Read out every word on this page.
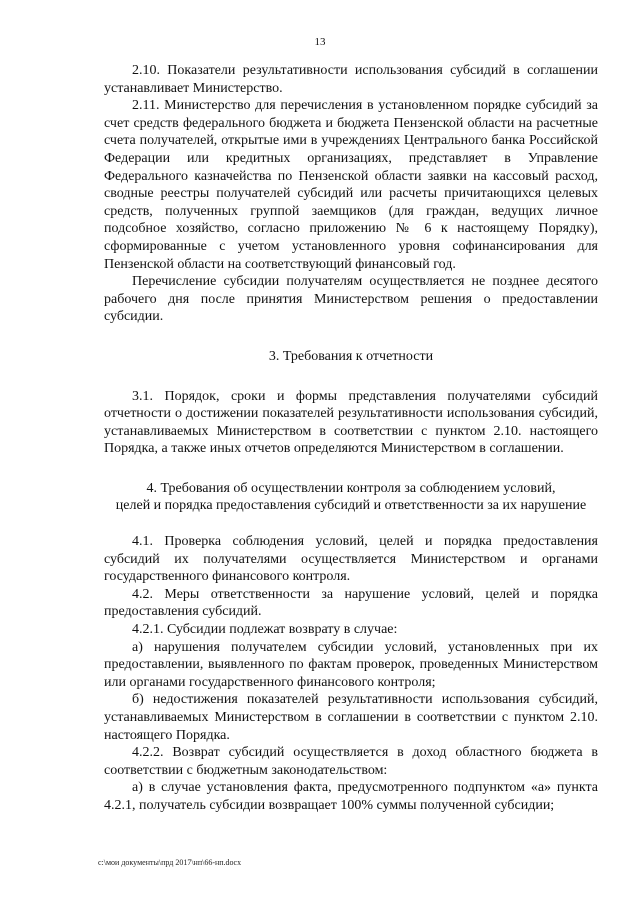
13

2.10. Показатели результативности использования субсидий в соглашении устанавливает Министерство.

2.11. Министерство для перечисления в установленном порядке субсидий за счет средств федерального бюджета и бюджета Пензенской области на расчетные счета получателей, открытые ими в учреждениях Центрального банка Российской Федерации или кредитных организациях, представляет в Управление Федерального казначейства по Пензенской области заявки на кассовый расход, сводные реестры получателей субсидий или расчеты причитающихся целевых средств, полученных группой заемщиков (для граждан, ведущих личное подсобное хозяйство, согласно приложению № 6 к настоящему Порядку), сформированные с учетом установленного уровня софинансирования для Пензенской области на соответствующий финансовый год.

Перечисление субсидии получателям осуществляется не позднее десятого рабочего дня после принятия Министерством решения о предоставлении субсидии.

3. Требования к отчетности

3.1. Порядок, сроки и формы представления получателями субсидий отчетности о достижении показателей результативности использования субсидий, устанавливаемых Министерством в соответствии с пунктом 2.10. настоящего Порядка, а также иных отчетов определяются Министерством в соглашении.

4. Требования об осуществлении контроля за соблюдением условий,
целей и порядка предоставления субсидий и ответственности за их нарушение

4.1. Проверка соблюдения условий, целей и порядка предоставления субсидий их получателями осуществляется Министерством и органами государственного финансового контроля.

4.2. Меры ответственности за нарушение условий, целей и порядка предоставления субсидий.

4.2.1. Субсидии подлежат возврату в случае:

а) нарушения получателем субсидии условий, установленных при их предоставлении, выявленного по фактам проверок, проведенных Министерством или органами государственного финансового контроля;

б) недостижения показателей результативности использования субсидий, устанавливаемых Министерством в соглашении в соответствии с пунктом 2.10. настоящего Порядка.

4.2.2. Возврат субсидий осуществляется в доход областного бюджета в соответствии с бюджетным законодательством:

а) в случае установления факта, предусмотренного подпунктом «а» пункта 4.2.1, получатель субсидии возвращает 100% суммы полученной субсидии;

c:\мои документы\прд 2017\нп\66-нп.docx
